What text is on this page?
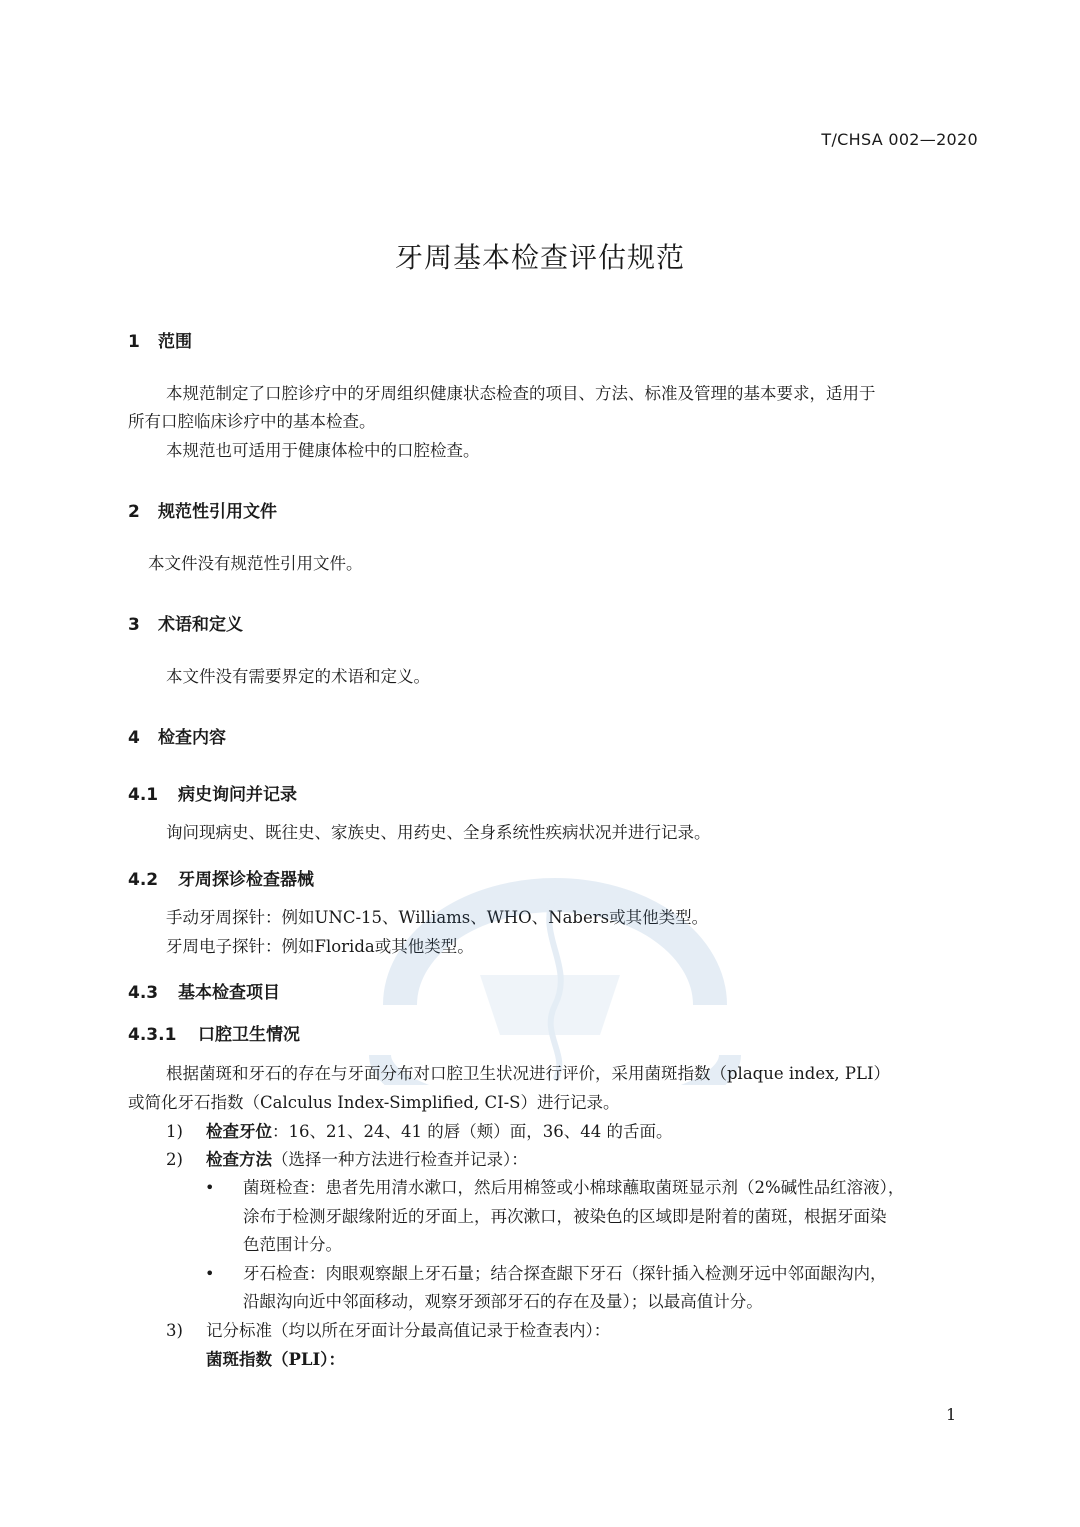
T/CHSA 002—2020
牙周基本检查评估规范
1 范围
本规范制定了口腔诊疗中的牙周组织健康状态检查的项目、方法、标准及管理的基本要求，适用于
所有口腔临床诊疗中的基本检查。
本规范也可适用于健康体检中的口腔检查。
2 规范性引用文件
本文件没有规范性引用文件。
3 术语和定义
本文件没有需要界定的术语和定义。
4 检查内容
4.1 病史询问并记录
询问现病史、既往史、家族史、用药史、全身系统性疾病状况并进行记录。
4.2 牙周探诊检查器械
手动牙周探针：例如UNC-15、Williams、WHO、Nabers或其他类型。
牙周电子探针：例如Florida或其他类型。
4.3 基本检查项目
4.3.1 口腔卫生情况
根据菌斑和牙石的存在与牙面分布对口腔卫生状况进行评价，采用菌斑指数（plaque index, PLI）
或简化牙石指数（Calculus Index-Simplified, CI-S）进行记录。
1) 检查牙位：16、21、24、41 的唇（颊）面，36、44 的舌面。
2) 检查方法（选择一种方法进行检查并记录）：
• 菌斑检查：患者先用清水漱口，然后用棉签或小棉球蘸取菌斑显示剂（2%碱性品红溶液），
涂布于检测牙龈缘附近的牙面上，再次漱口，被染色的区域即是附着的菌斑，根据牙面染
色范围计分。
• 牙石检查：肉眼观察龈上牙石量；结合探查龈下牙石（探针插入检测牙远中邻面龈沟内，
沿龈沟向近中邻面移动，观察牙颈部牙石的存在及量）；以最高值计分。
3) 记分标准（均以所在牙面计分最高值记录于检查表内）：
菌斑指数（PLI）：
1
